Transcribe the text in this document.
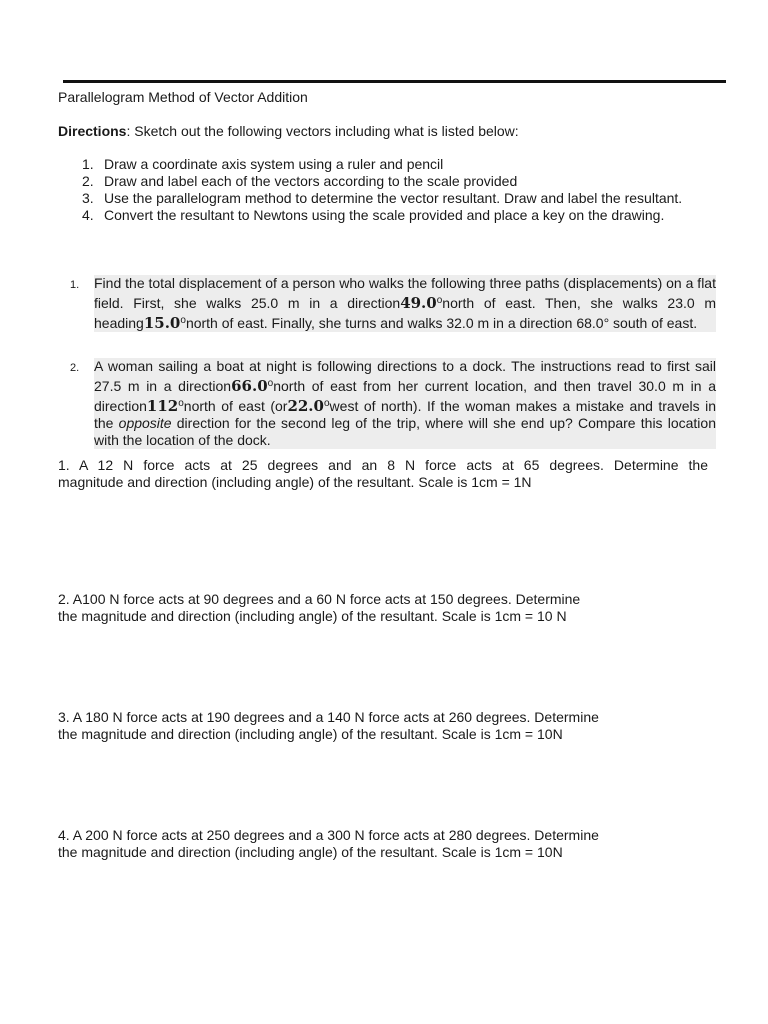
Parallelogram Method of Vector Addition
Directions: Sketch out the following vectors including what is listed below:
1. Draw a coordinate axis system using a ruler and pencil
2. Draw and label each of the vectors according to the scale provided
3. Use the parallelogram method to determine the vector resultant. Draw and label the resultant.
4. Convert the resultant to Newtons using the scale provided and place a key on the drawing.
1. Find the total displacement of a person who walks the following three paths (displacements) on a flat field. First, she walks 25.0 m in a direction49.0$^o$north of east. Then, she walks 23.0 m heading15.0$^o$north of east. Finally, she turns and walks 32.0 m in a direction 68.0° south of east.
2. A woman sailing a boat at night is following directions to a dock. The instructions read to first sail 27.5 m in a direction66.0$^o$north of east from her current location, and then travel 30.0 m in a direction112$^o$north of east (or22.0$^o$west of north). If the woman makes a mistake and travels in the opposite direction for the second leg of the trip, where will she end up? Compare this location with the location of the dock.
1. A 12 N force acts at 25 degrees and an 8 N force acts at 65 degrees. Determine the
magnitude and direction (including angle) of the resultant. Scale is 1cm = 1N
2. A100 N force acts at 90 degrees and a 60 N force acts at 150 degrees. Determine
the magnitude and direction (including angle) of the resultant. Scale is 1cm = 10 N
3. A 180 N force acts at 190 degrees and a 140 N force acts at 260 degrees. Determine
the magnitude and direction (including angle) of the resultant. Scale is 1cm = 10N
4. A 200 N force acts at 250 degrees and a 300 N force acts at 280 degrees. Determine
the magnitude and direction (including angle) of the resultant. Scale is 1cm = 10N
